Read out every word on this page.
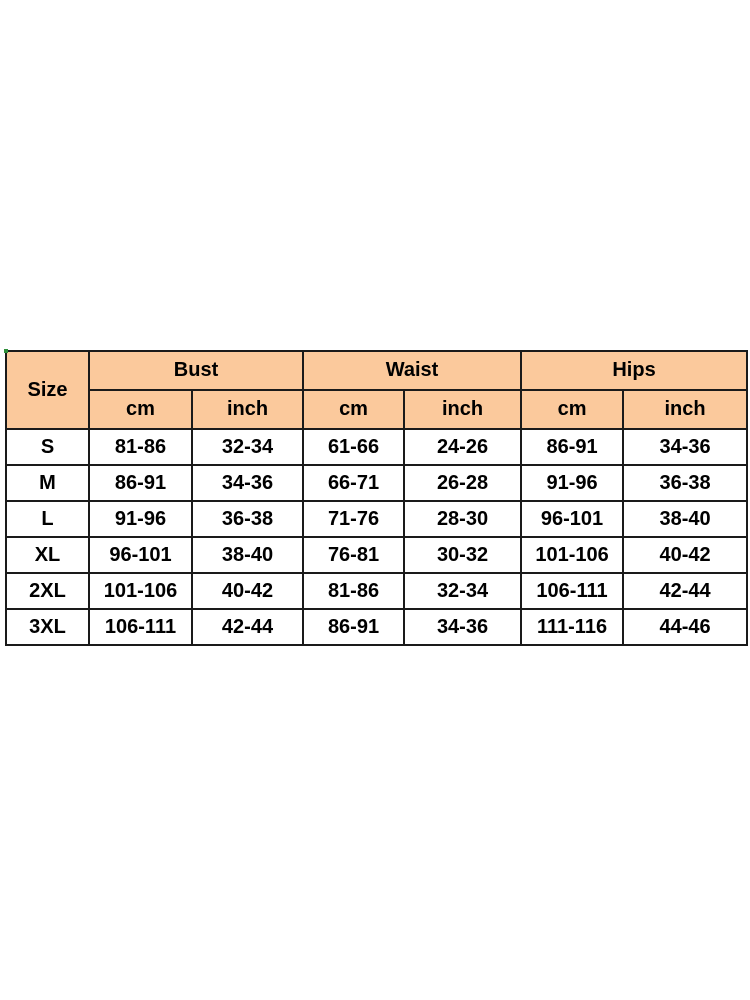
Size	Bust		Waist		Hips	
	cm	inch	cm	inch	cm	inch
S	81-86	32-34	61-66	24-26	86-91	34-36
M	86-91	34-36	66-71	26-28	91-96	36-38
L	91-96	36-38	71-76	28-30	96-101	38-40
XL	96-101	38-40	76-81	30-32	101-106	40-42
2XL	101-106	40-42	81-86	32-34	106-111	42-44
3XL	106-111	42-44	86-91	34-36	111-116	44-46
